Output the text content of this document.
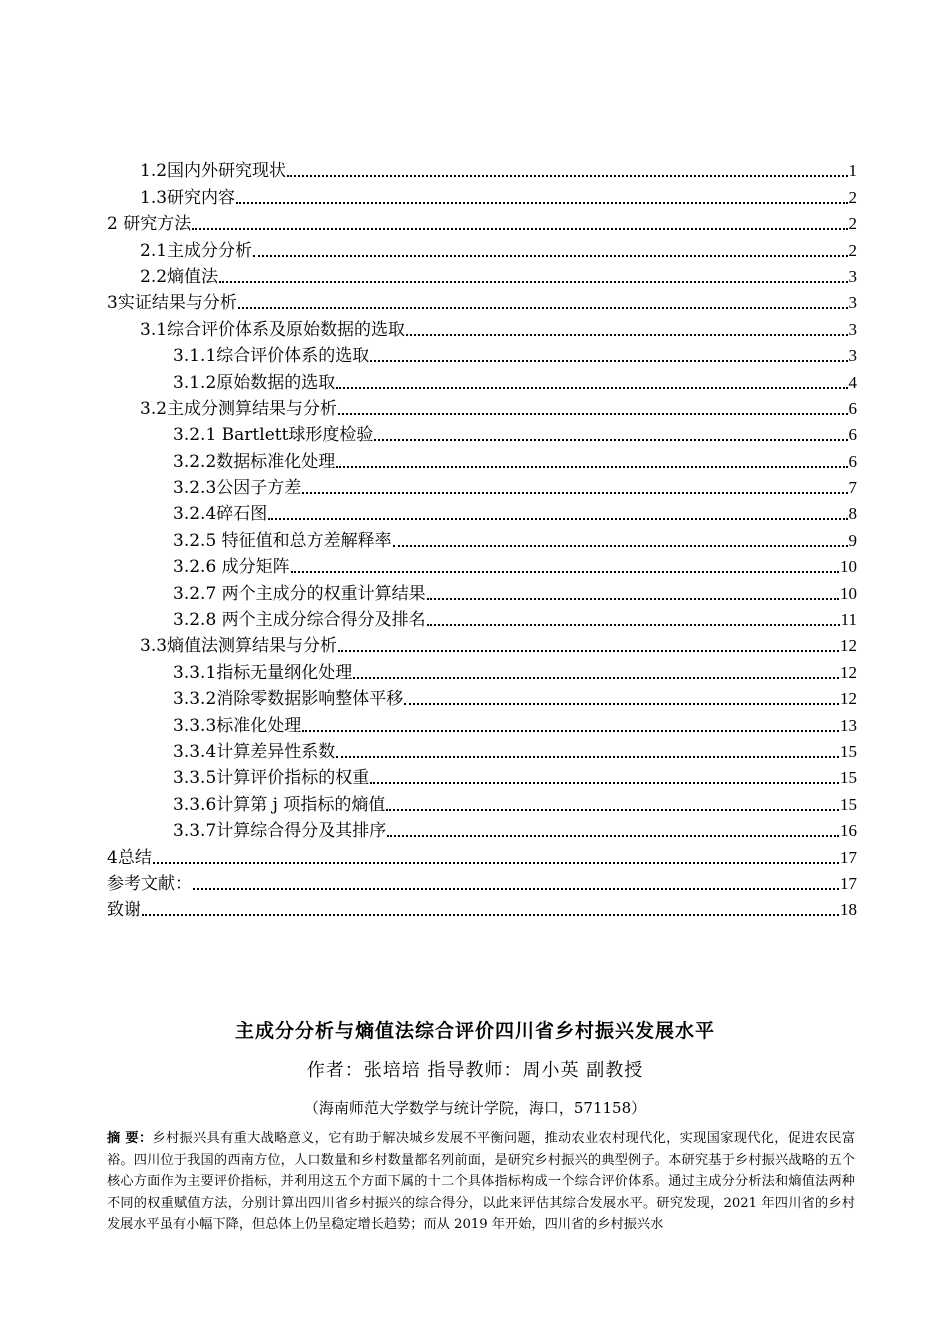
1.2国内外研究现状	1
1.3研究内容	2
2 研究方法	2
2.1主成分分析	2
2.2熵值法	3
3实证结果与分析	3
3.1综合评价体系及原始数据的选取	3
3.1.1综合评价体系的选取	3
3.1.2原始数据的选取	4
3.2主成分测算结果与分析	6
3.2.1 Bartlett球形度检验	6
3.2.2数据标准化处理	6
3.2.3公因子方差	7
3.2.4碎石图	8
3.2.5 特征值和总方差解释率	9
3.2.6 成分矩阵	10
3.2.7 两个主成分的权重计算结果	10
3.2.8 两个主成分综合得分及排名	11
3.3熵值法测算结果与分析	12
3.3.1指标无量纲化处理	12
3.3.2消除零数据影响整体平移	12
3.3.3标准化处理	13
3.3.4计算差异性系数	15
3.3.5计算评价指标的权重	15
3.3.6计算第 j 项指标的熵值	15
3.3.7计算综合得分及其排序	16
4总结	17
参考文献：	17
致谢	18
主成分分析与熵值法综合评价四川省乡村振兴发展水平
作者：张培培 指导教师：周小英 副教授
（海南师范大学数学与统计学院，海口，571158）
摘 要：乡村振兴具有重大战略意义，它有助于解决城乡发展不平衡问题，推动农业农村现代化，实现国家现代化，促进农民富裕。四川位于我国的西南方位，人口数量和乡村数量都名列前面，是研究乡村振兴的典型例子。本研究基于乡村振兴战略的五个核心方面作为主要评价指标，并利用这五个方面下属的十二个具体指标构成一个综合评价体系。通过主成分分析法和熵值法两种不同的权重赋值方法，分别计算出四川省乡村振兴的综合得分，以此来评估其综合发展水平。研究发现，2021 年四川省的乡村发展水平虽有小幅下降，但总体上仍呈稳定增长趋势；而从 2019 年开始，四川省的乡村振兴水
